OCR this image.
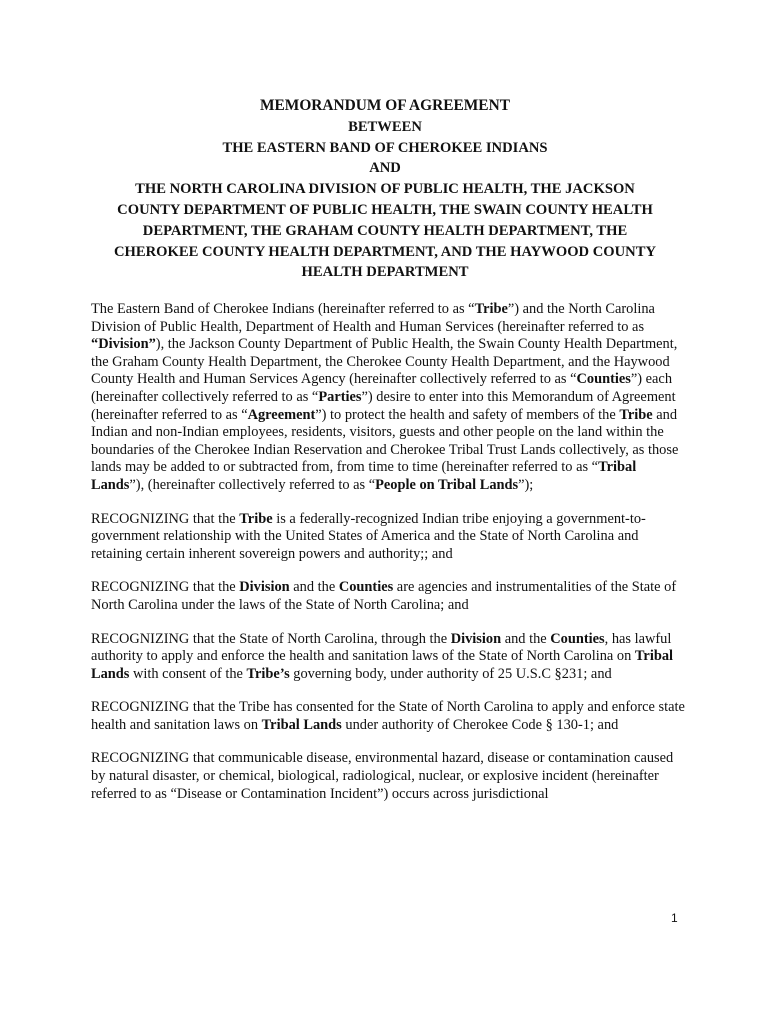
MEMORANDUM OF AGREEMENT
BETWEEN
THE EASTERN BAND OF CHEROKEE INDIANS
AND
THE NORTH CAROLINA DIVISION OF PUBLIC HEALTH, THE JACKSON
COUNTY DEPARTMENT OF PUBLIC HEALTH, THE SWAIN COUNTY HEALTH
DEPARTMENT, THE GRAHAM COUNTY HEALTH DEPARTMENT, THE
CHEROKEE COUNTY HEALTH DEPARTMENT, AND THE HAYWOOD COUNTY
HEALTH DEPARTMENT

The Eastern Band of Cherokee Indians (hereinafter referred to as “Tribe”) and the North Carolina Division of Public Health, Department of Health and Human Services (hereinafter referred to as “Division”), the Jackson County Department of Public Health, the Swain County Health Department, the Graham County Health Department, the Cherokee County Health Department, and the Haywood County Health and Human Services Agency (hereinafter collectively referred to as “Counties”) each (hereinafter collectively referred to as “Parties”) desire to enter into this Memorandum of Agreement (hereinafter referred to as “Agreement”) to protect the health and safety of members of the Tribe and Indian and non-Indian employees, residents, visitors, guests and other people on the land within the boundaries of the Cherokee Indian Reservation and Cherokee Tribal Trust Lands collectively, as those lands may be added to or subtracted from, from time to time (hereinafter referred to as “Tribal Lands”), (hereinafter collectively referred to as “People on Tribal Lands”);

RECOGNIZING that the Tribe is a federally-recognized Indian tribe enjoying a government-to-government relationship with the United States of America and the State of North Carolina and retaining certain inherent sovereign powers and authority;; and

RECOGNIZING that the Division and the Counties are agencies and instrumentalities of the State of North Carolina under the laws of the State of North Carolina; and

RECOGNIZING that the State of North Carolina, through the Division and the Counties, has lawful authority to apply and enforce the health and sanitation laws of the State of North Carolina on Tribal Lands with consent of the Tribe’s governing body, under authority of 25 U.S.C §231; and

RECOGNIZING that the Tribe has consented for the State of North Carolina to apply and enforce state health and sanitation laws on Tribal Lands under authority of Cherokee Code § 130-1; and

RECOGNIZING that communicable disease, environmental hazard, disease or contamination caused by natural disaster, or chemical, biological, radiological, nuclear, or explosive incident (hereinafter referred to as “Disease or Contamination Incident”) occurs across jurisdictional

1
